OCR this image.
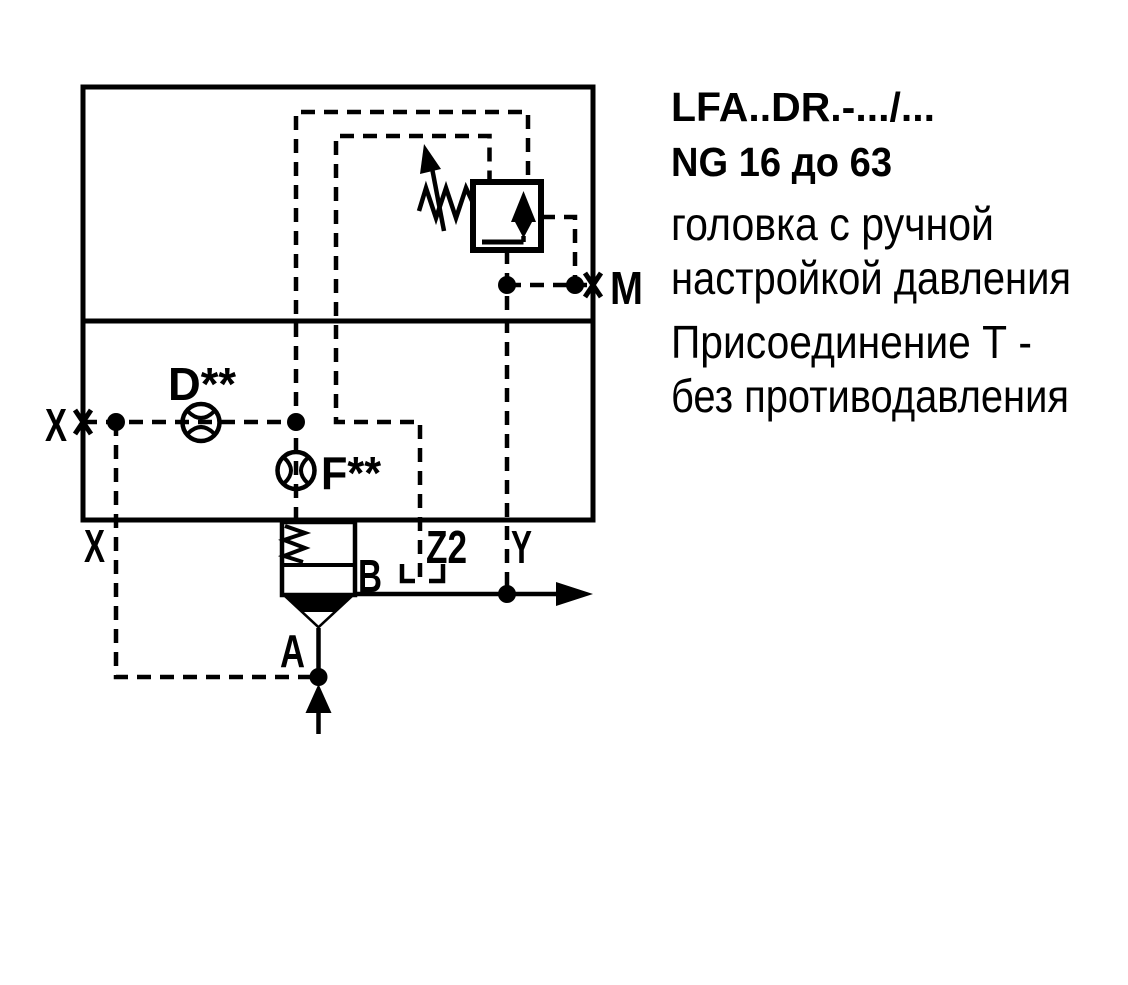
X
D**
F**
X
B
Z2 Y
A
M
LFA..DR.-.../...
NG 16 до 63
головка с ручной
настройкой давления
Присоединение Т -
без противодавления
